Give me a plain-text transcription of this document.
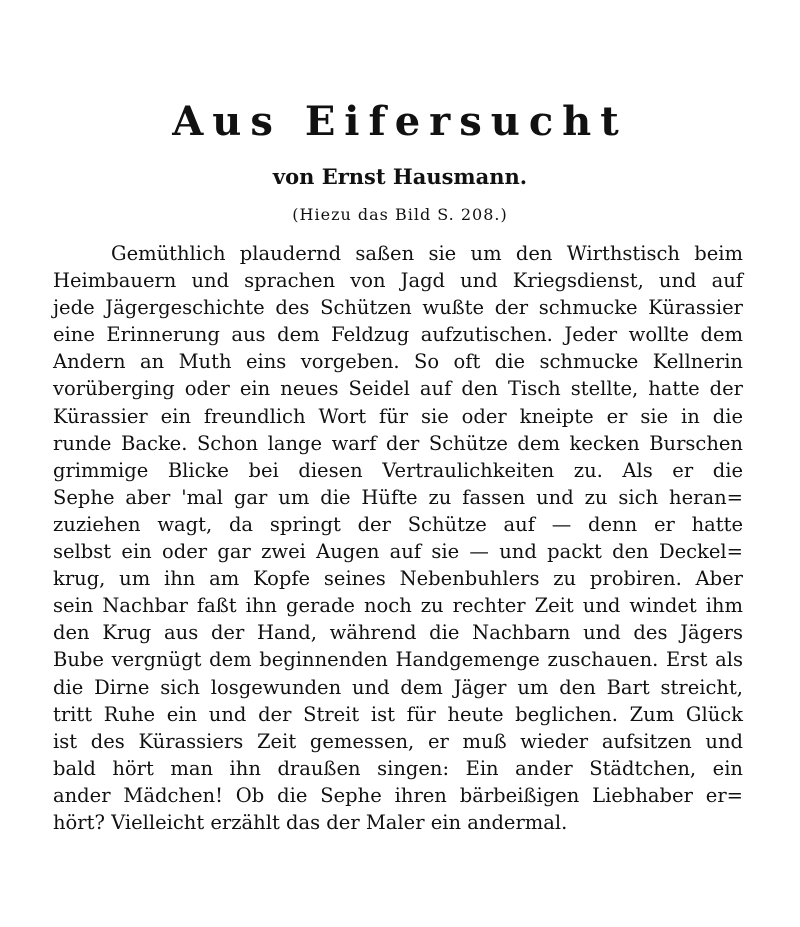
Aus Eifersucht
von Ernst Hausmann.
(Hiezu das Bild S. 208.)
Gemüthlich plaudernd saßen sie um den Wirthstisch beim
Heimbauern und sprachen von Jagd und Kriegsdienst, und auf
jede Jägergeschichte des Schützen wußte der schmucke Kürassier
eine Erinnerung aus dem Feldzug aufzutischen. Jeder wollte dem
Andern an Muth eins vorgeben. So oft die schmucke Kellnerin
vorüberging oder ein neues Seidel auf den Tisch stellte, hatte der
Kürassier ein freundlich Wort für sie oder kneipte er sie in die
runde Backe. Schon lange warf der Schütze dem kecken Burschen
grimmige Blicke bei diesen Vertraulichkeiten zu. Als er die
Sephe aber 'mal gar um die Hüfte zu fassen und zu sich heran=
zuziehen wagt, da springt der Schütze auf — denn er hatte
selbst ein oder gar zwei Augen auf sie — und packt den Deckel=
krug, um ihn am Kopfe seines Nebenbuhlers zu probiren. Aber
sein Nachbar faßt ihn gerade noch zu rechter Zeit und windet ihm
den Krug aus der Hand, während die Nachbarn und des Jägers
Bube vergnügt dem beginnenden Handgemenge zuschauen. Erst als
die Dirne sich losgewunden und dem Jäger um den Bart streicht,
tritt Ruhe ein und der Streit ist für heute beglichen. Zum Glück
ist des Kürassiers Zeit gemessen, er muß wieder aufsitzen und
bald hört man ihn draußen singen: Ein ander Städtchen, ein
ander Mädchen! Ob die Sephe ihren bärbeißigen Liebhaber er=
hört? Vielleicht erzählt das der Maler ein andermal.
